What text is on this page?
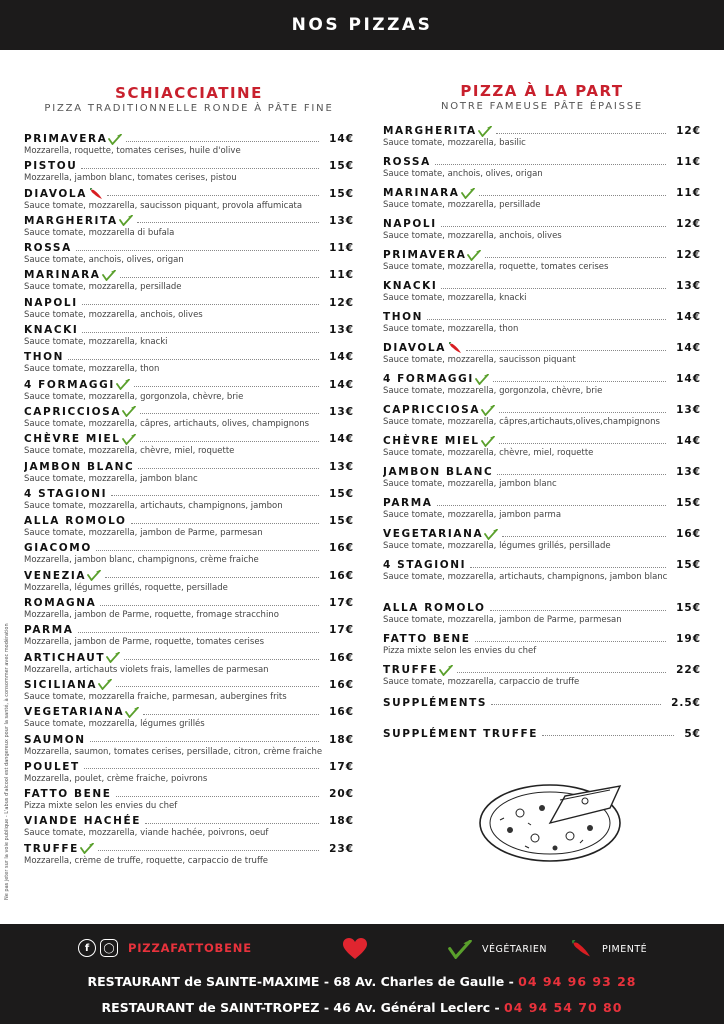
NOS PIZZAS
SCHIACCIATINE
PIZZA TRADITIONNELLE RONDE À PÂTE FINE
PRIMAVERA	14€
Mozzarella, roquette, tomates cerises, huile d'olive
PISTOU	15€
Mozzarella, jambon blanc, tomates cerises, pistou
DIAVOLA	15€
Sauce tomate, mozzarella, saucisson piquant, provola affumicata
MARGHERITA	13€
Sauce tomate, mozzarella di bufala
ROSSA	11€
Sauce tomate, anchois, olives, origan
MARINARA	11€
Sauce tomate, mozzarella, persillade
NAPOLI	12€
Sauce tomate, mozzarella, anchois, olives
KNACKI	13€
Sauce tomate, mozzarella, knacki
THON	14€
Sauce tomate, mozzarella, thon
4 FORMAGGI	14€
Sauce tomate, mozzarella, gorgonzola, chèvre, brie
CAPRICCIOSA	13€
Sauce tomate, mozzarella, câpres, artichauts, olives, champignons
CHÈVRE MIEL	14€
Sauce tomate, mozzarella, chèvre, miel, roquette
JAMBON BLANC	13€
Sauce tomate, mozzarella, jambon blanc
4 STAGIONI	15€
Sauce tomate, mozzarella, artichauts, champignons, jambon
ALLA ROMOLO	15€
Sauce tomate, mozzarella, jambon de Parme, parmesan
GIACOMO	16€
Mozzarella, jambon blanc, champignons, crème fraiche
VENEZIA	16€
Mozzarella, légumes grillés, roquette, persillade
ROMAGNA	17€
Mozzarella, jambon de Parme, roquette, fromage stracchino
PARMA	17€
Mozzarella, jambon de Parme, roquette, tomates cerises
ARTICHAUT	16€
Mozzarella, artichauts violets frais, lamelles de parmesan
SICILIANA	16€
Sauce tomate, mozzarella fraiche, parmesan, aubergines frits
VEGETARIANA	16€
Sauce tomate, mozzarella, légumes grillés
SAUMON	18€
Mozzarella, saumon, tomates cerises, persillade, citron, crème fraiche
POULET	17€
Mozzarella, poulet, crème fraiche, poivrons
FATTO BENE	20€
Pizza mixte selon les envies du chef
VIANDE HACHÉE	18€
Sauce tomate, mozzarella, viande hachée, poivrons, oeuf
TRUFFE	23€
Mozzarella, crème de truffe, roquette, carpaccio de truffe
PIZZA À LA PART
NOTRE FAMEUSE PÂTE ÉPAISSE
MARGHERITA	12€
Sauce tomate, mozzarella, basilic
ROSSA	11€
Sauce tomate, anchois, olives, origan
MARINARA	11€
Sauce tomate, mozzarella, persillade
NAPOLI	12€
Sauce tomate, mozzarella, anchois, olives
PRIMAVERA	12€
Sauce tomate, mozzarella, roquette, tomates cerises
KNACKI	13€
Sauce tomate, mozzarella, knacki
THON	14€
Sauce tomate, mozzarella, thon
DIAVOLA	14€
Sauce tomate, mozzarella, saucisson piquant
4 FORMAGGI	14€
Sauce tomate, mozzarella, gorgonzola, chèvre, brie
CAPRICCIOSA	13€
Sauce tomate, mozzarella, câpres,artichauts,olives,champignons
CHÈVRE MIEL	14€
Sauce tomate, mozzarella, chèvre, miel, roquette
JAMBON BLANC	13€
Sauce tomate, mozzarella, jambon blanc
PARMA	15€
Sauce tomate, mozzarella, jambon parma
VEGETARIANA	16€
Sauce tomate, mozzarella, légumes grillés, persillade
4 STAGIONI	15€
Sauce tomate, mozzarella, artichauts, champignons, jambon blanc
ALLA ROMOLO	15€
Sauce tomate, mozzarella, jambon de Parme, parmesan
FATTO BENE	19€
Pizza mixte selon les envies du chef
TRUFFE	22€
Sauce tomate, mozzarella, carpaccio de truffe
SUPPLÉMENTS	2.5€
SUPPLÉMENT TRUFFE	5€
Ne pas jeter sur la voie publique - L'abus d'alcool est dangereux pour la santé, à consommer avec modération
f	◯ PIZZAFATTOBENE	VÉGÉTARIEN	PIMENTÉ
RESTAURANT de SAINTE-MAXIME - 68 Av. Charles de Gaulle - 04 94 96 93 28
RESTAURANT de SAINT-TROPEZ - 46 Av. Général Leclerc - 04 94 54 70 80
